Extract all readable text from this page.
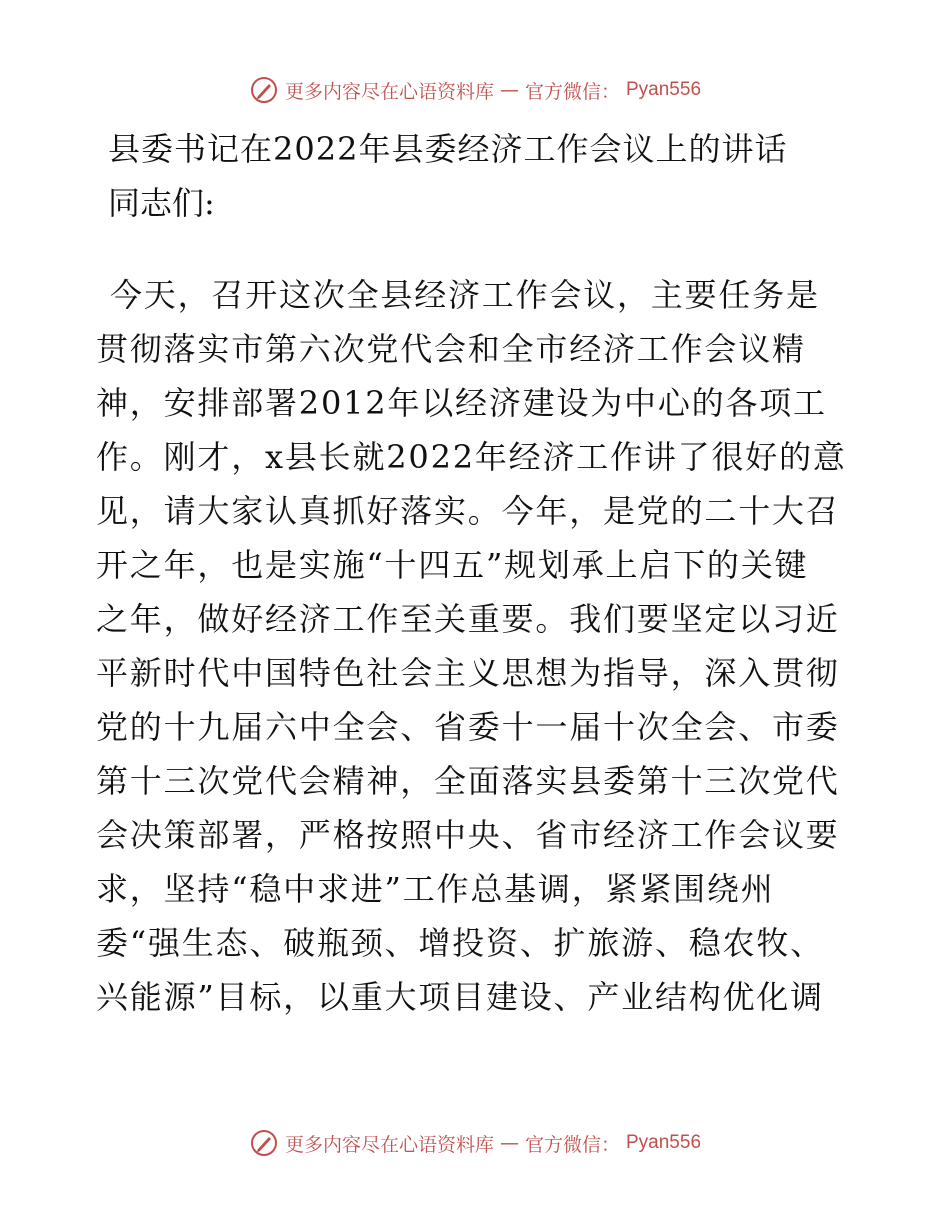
更多内容尽在心语资料库 — 官方微信： Pyan556
县委书记在2022年县委经济工作会议上的讲话
同志们:
今天，召开这次全县经济工作会议，主要任务是
贯彻落实市第六次党代会和全市经济工作会议精
神，安排部署2012年以经济建设为中心的各项工
作。刚才，x县长就2022年经济工作讲了很好的意
见，请大家认真抓好落实。今年，是党的二十大召
开之年，也是实施“十四五”规划承上启下的关键
之年，做好经济工作至关重要。我们要坚定以习近
平新时代中国特色社会主义思想为指导，深入贯彻
党的十九届六中全会、省委十一届十次全会、市委
第十三次党代会精神，全面落实县委第十三次党代
会决策部署，严格按照中央、省市经济工作会议要
求，坚持“稳中求进”工作总基调，紧紧围绕州
委“强生态、破瓶颈、增投资、扩旅游、稳农牧、
兴能源”目标，以重大项目建设、产业结构优化调
更多内容尽在心语资料库 — 官方微信： Pyan556
